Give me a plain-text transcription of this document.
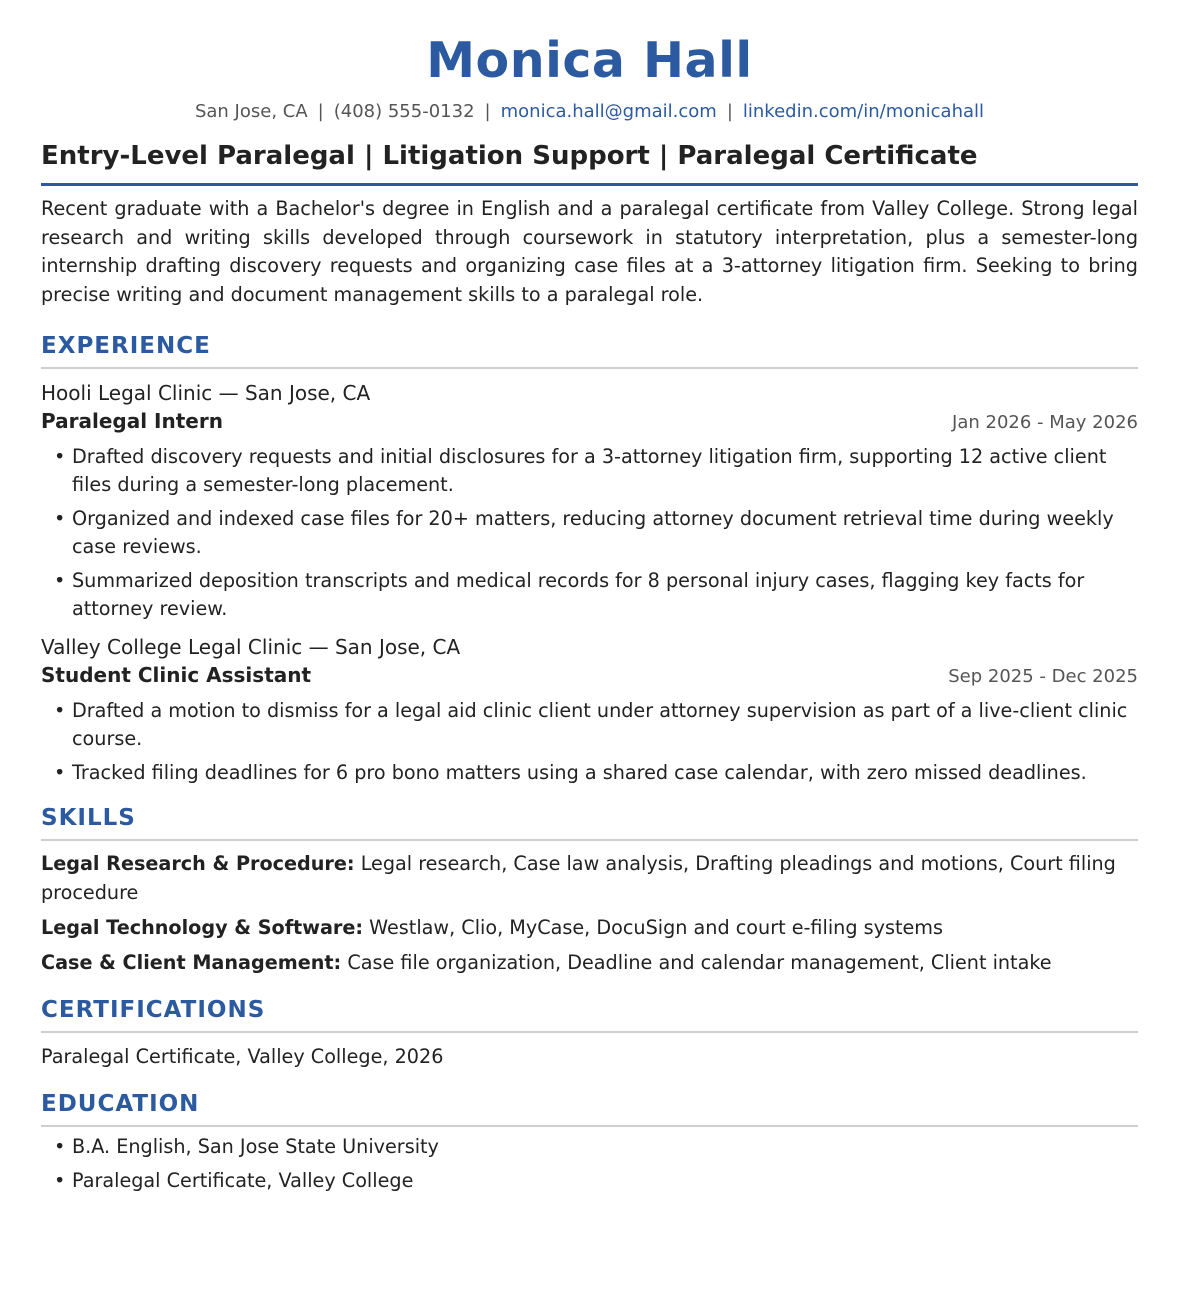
Monica Hall
San Jose, CA | (408) 555-0132 | monica.hall@gmail.com | linkedin.com/in/monicahall
Entry-Level Paralegal | Litigation Support | Paralegal Certificate
Recent graduate with a Bachelor's degree in English and a paralegal certificate from Valley College. Strong legal research and writing skills developed through coursework in statutory interpretation, plus a semester-long internship drafting discovery requests and organizing case files at a 3-attorney litigation firm. Seeking to bring precise writing and document management skills to a paralegal role.
EXPERIENCE
Hooli Legal Clinic — San Jose, CA
Paralegal Intern	Jan 2026 - May 2026
• Drafted discovery requests and initial disclosures for a 3-attorney litigation firm, supporting 12 active client files during a semester-long placement.
• Organized and indexed case files for 20+ matters, reducing attorney document retrieval time during weekly case reviews.
• Summarized deposition transcripts and medical records for 8 personal injury cases, flagging key facts for attorney review.
Valley College Legal Clinic — San Jose, CA
Student Clinic Assistant	Sep 2025 - Dec 2025
• Drafted a motion to dismiss for a legal aid clinic client under attorney supervision as part of a live-client clinic course.
• Tracked filing deadlines for 6 pro bono matters using a shared case calendar, with zero missed deadlines.
SKILLS
Legal Research & Procedure: Legal research, Case law analysis, Drafting pleadings and motions, Court filing procedure
Legal Technology & Software: Westlaw, Clio, MyCase, DocuSign and court e-filing systems
Case & Client Management: Case file organization, Deadline and calendar management, Client intake
CERTIFICATIONS
Paralegal Certificate, Valley College, 2026
EDUCATION
• B.A. English, San Jose State University
• Paralegal Certificate, Valley College
